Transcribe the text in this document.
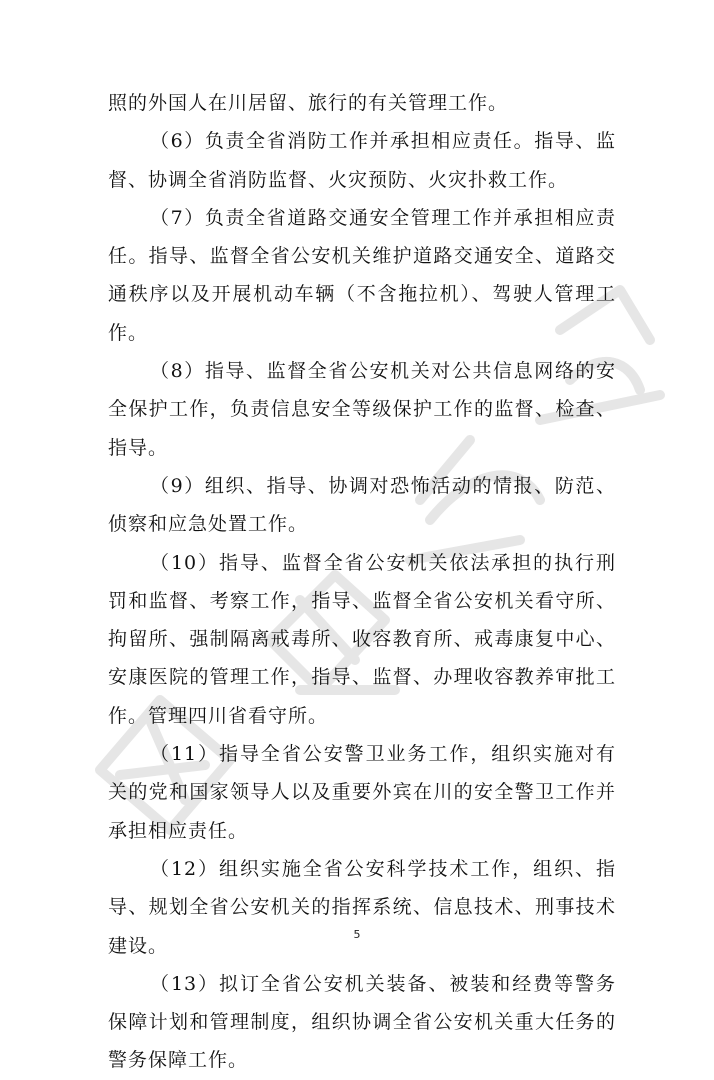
照的外国人在川居留、旅行的有关管理工作。

（6）负责全省消防工作并承担相应责任。指导、监督、协调全省消防监督、火灾预防、火灾扑救工作。

（7）负责全省道路交通安全管理工作并承担相应责任。指导、监督全省公安机关维护道路交通安全、道路交通秩序以及开展机动车辆（不含拖拉机）、驾驶人管理工作。

（8）指导、监督全省公安机关对公共信息网络的安全保护工作，负责信息安全等级保护工作的监督、检查、指导。

（9）组织、指导、协调对恐怖活动的情报、防范、侦察和应急处置工作。

（10）指导、监督全省公安机关依法承担的执行刑罚和监督、考察工作，指导、监督全省公安机关看守所、拘留所、强制隔离戒毒所、收容教育所、戒毒康复中心、安康医院的管理工作，指导、监督、办理收容教养审批工作。管理四川省看守所。

（11）指导全省公安警卫业务工作，组织实施对有关的党和国家领导人以及重要外宾在川的安全警卫工作并承担相应责任。

（12）组织实施全省公安科学技术工作，组织、指导、规划全省公安机关的指挥系统、信息技术、刑事技术建设。

（13）拟订全省公安机关装备、被装和经费等警务保障计划和管理制度，组织协调全省公安机关重大任务的警务保障工作。

5
